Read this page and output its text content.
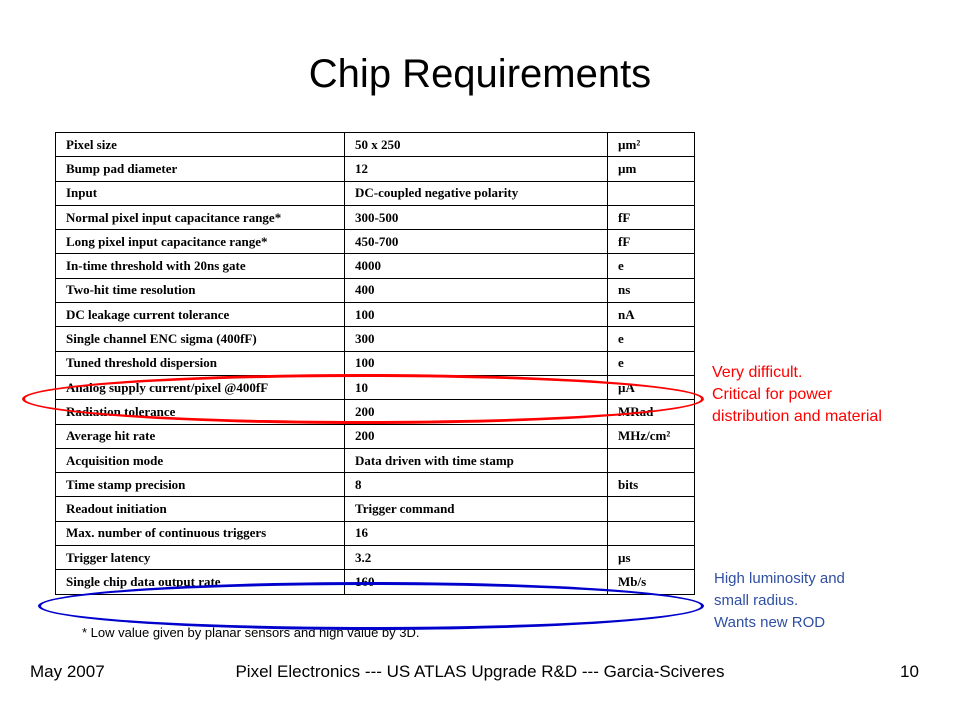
Chip Requirements
Pixel size	50 x 250	µm²
Bump pad diameter	12	µm
Input	DC-coupled negative polarity	
Normal pixel input capacitance range*	300-500	fF
Long pixel input capacitance range*	450-700	fF
In-time threshold with 20ns gate	4000	e
Two-hit time resolution	400	ns
DC leakage current tolerance	100	nA
Single channel ENC sigma (400fF)	300	e
Tuned threshold dispersion	100	e
Analog supply current/pixel @400fF	10	µA
Radiation tolerance	200	MRad
Average hit rate	200	MHz/cm²
Acquisition mode	Data driven with time stamp	
Time stamp precision	8	bits
Readout initiation	Trigger command	
Max. number of continuous triggers	16	
Trigger latency	3.2	µs
Single chip data output rate	160	Mb/s
* Low value given by planar sensors and high value by 3D.
Very difficult.
Critical for power
distribution and material
High luminosity and
small radius.
Wants new ROD
May 2007	Pixel Electronics --- US ATLAS Upgrade R&D --- Garcia-Sciveres	10
